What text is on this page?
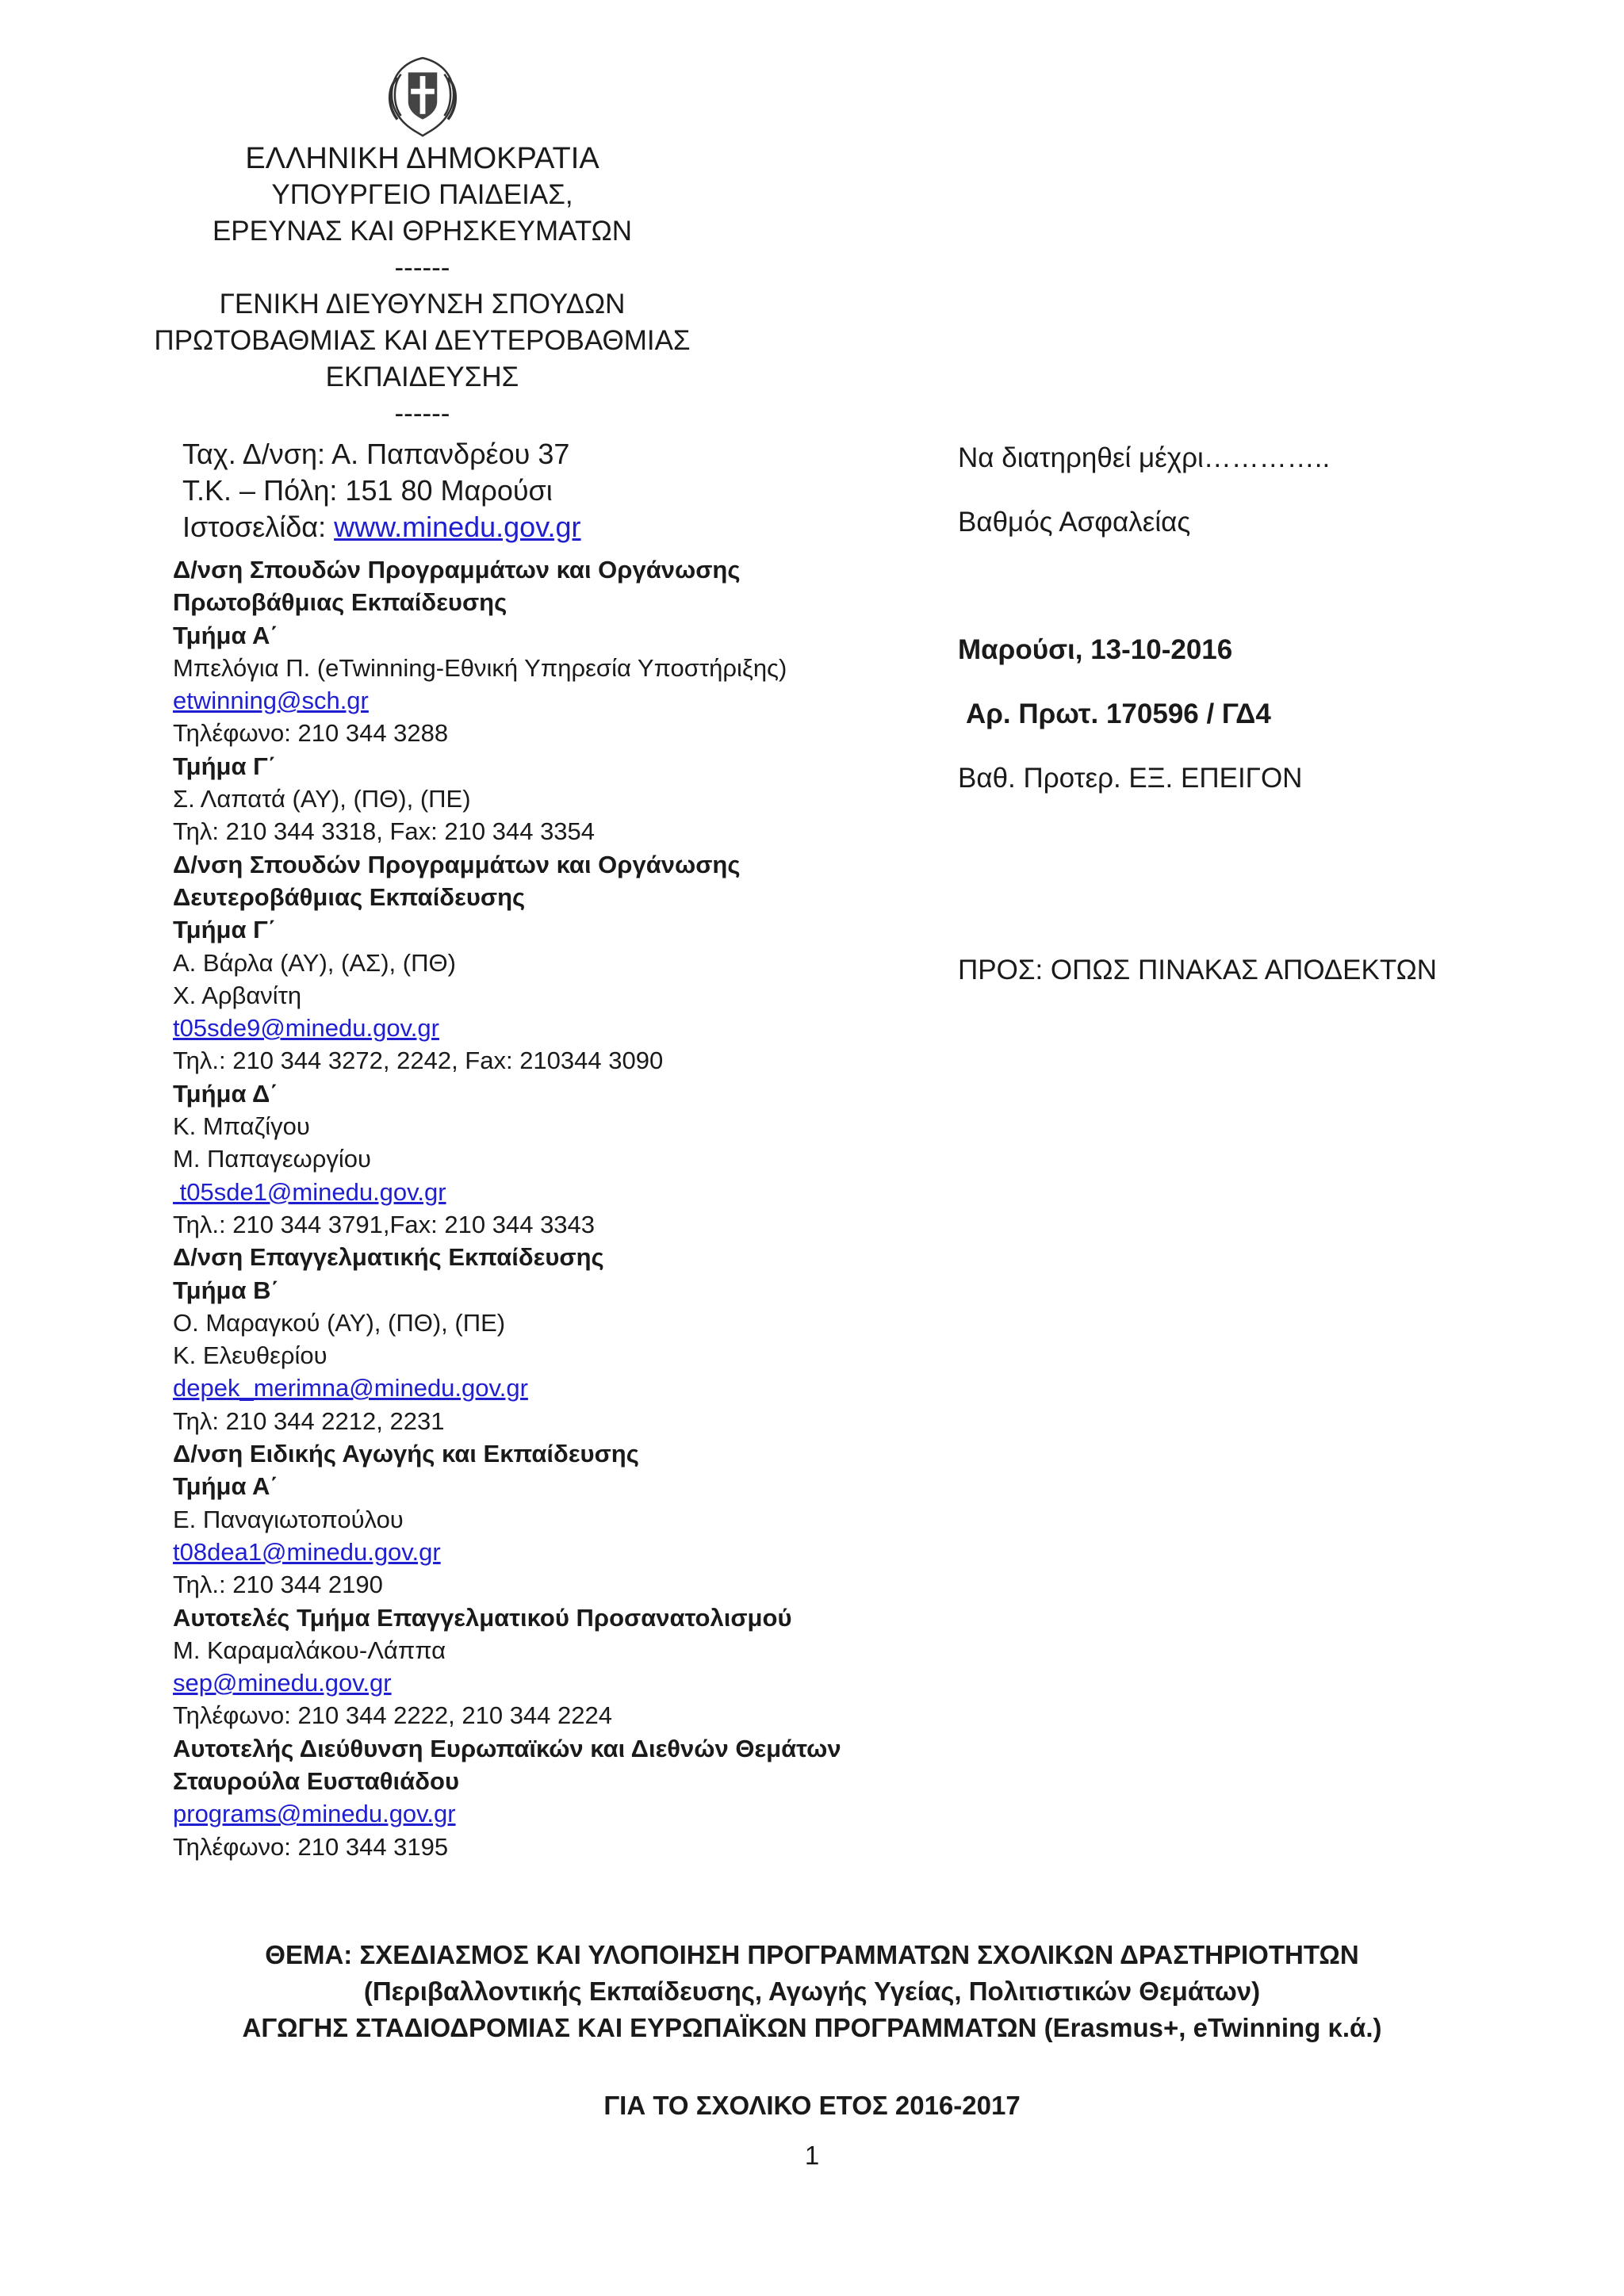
ΕΛΛΗΝΙΚΗ ΔΗΜΟΚΡΑΤΙΑ
ΥΠΟΥΡΓΕΙΟ ΠΑΙΔΕΙΑΣ,
ΕΡΕΥΝΑΣ ΚΑΙ ΘΡΗΣΚΕΥΜΑΤΩΝ
------
ΓΕΝΙΚΗ ΔΙΕΥΘΥΝΣΗ ΣΠΟΥΔΩΝ
ΠΡΩΤΟΒΑΘΜΙΑΣ ΚΑΙ ΔΕΥΤΕΡΟΒΑΘΜΙΑΣ
ΕΚΠΑΙΔΕΥΣΗΣ
------
Ταχ. Δ/νση: Α. Παπανδρέου 37
Τ.Κ. – Πόλη: 151 80 Μαρούσι
Ιστοσελίδα: www.minedu.gov.gr
Να διατηρηθεί μέχρι…………..
Βαθμός Ασφαλείας
Μαρούσι, 13-10-2016
Αρ. Πρωτ. 170596 / ΓΔ4
Βαθ. Προτερ. ΕΞ. ΕΠΕΙΓΟΝ
ΠΡΟΣ: ΟΠΩΣ ΠΙΝΑΚΑΣ ΑΠΟΔΕΚΤΩΝ
Δ/νση Σπουδών Προγραμμάτων και Οργάνωσης
Πρωτοβάθμιας Εκπαίδευσης
Τμήμα Α΄
Μπελόγια Π. (eTwinning-Εθνική Υπηρεσία Υποστήριξης)
etwinning@sch.gr
Τηλέφωνο: 210 344 3288
Τμήμα Γ΄
Σ. Λαπατά (ΑΥ), (ΠΘ), (ΠΕ)
Τηλ: 210 344 3318, Fax: 210 344 3354
Δ/νση Σπουδών Προγραμμάτων και Οργάνωσης
Δευτεροβάθμιας Εκπαίδευσης
Τμήμα Γ΄
Α. Βάρλα (ΑΥ), (ΑΣ), (ΠΘ)
Χ. Αρβανίτη
t05sde9@minedu.gov.gr
Τηλ.: 210 344 3272, 2242, Fax: 210344 3090
Τμήμα Δ΄
Κ. Μπαζίγου
Μ. Παπαγεωργίου
t05sde1@minedu.gov.gr
Τηλ.: 210 344 3791,Fax: 210 344 3343
Δ/νση Επαγγελματικής Εκπαίδευσης
Τμήμα Β΄
Ο. Μαραγκού (ΑΥ), (ΠΘ), (ΠΕ)
Κ. Ελευθερίου
depek_merimna@minedu.gov.gr
Τηλ: 210 344 2212, 2231
Δ/νση Ειδικής Αγωγής και Εκπαίδευσης
Τμήμα Α΄
Ε. Παναγιωτοπούλου
t08dea1@minedu.gov.gr
Τηλ.: 210 344 2190
Αυτοτελές Τμήμα Επαγγελματικού Προσανατολισμού
Μ. Καραμαλάκου-Λάππα
sep@minedu.gov.gr
Τηλέφωνο: 210 344 2222, 210 344 2224
Αυτοτελής Διεύθυνση Ευρωπαϊκών και Διεθνών Θεμάτων
Σταυρούλα Ευσταθιάδου
programs@minedu.gov.gr
Τηλέφωνο: 210 344 3195
ΘΕΜΑ: ΣΧΕΔΙΑΣΜΟΣ ΚΑΙ ΥΛΟΠΟΙΗΣΗ ΠΡΟΓΡΑΜΜΑΤΩΝ ΣΧΟΛΙΚΩΝ ΔΡΑΣΤΗΡΙΟΤΗΤΩΝ
(Περιβαλλοντικής Εκπαίδευσης, Αγωγής Υγείας, Πολιτιστικών Θεμάτων)
ΑΓΩΓΗΣ ΣΤΑΔΙΟΔΡΟΜΙΑΣ ΚΑΙ ΕΥΡΩΠΑΪΚΩΝ ΠΡΟΓΡΑΜΜΑΤΩΝ (Erasmus+, eTwinning κ.ά.)
ΓΙΑ ΤΟ ΣΧΟΛΙΚΟ ΕΤΟΣ 2016-2017
1
